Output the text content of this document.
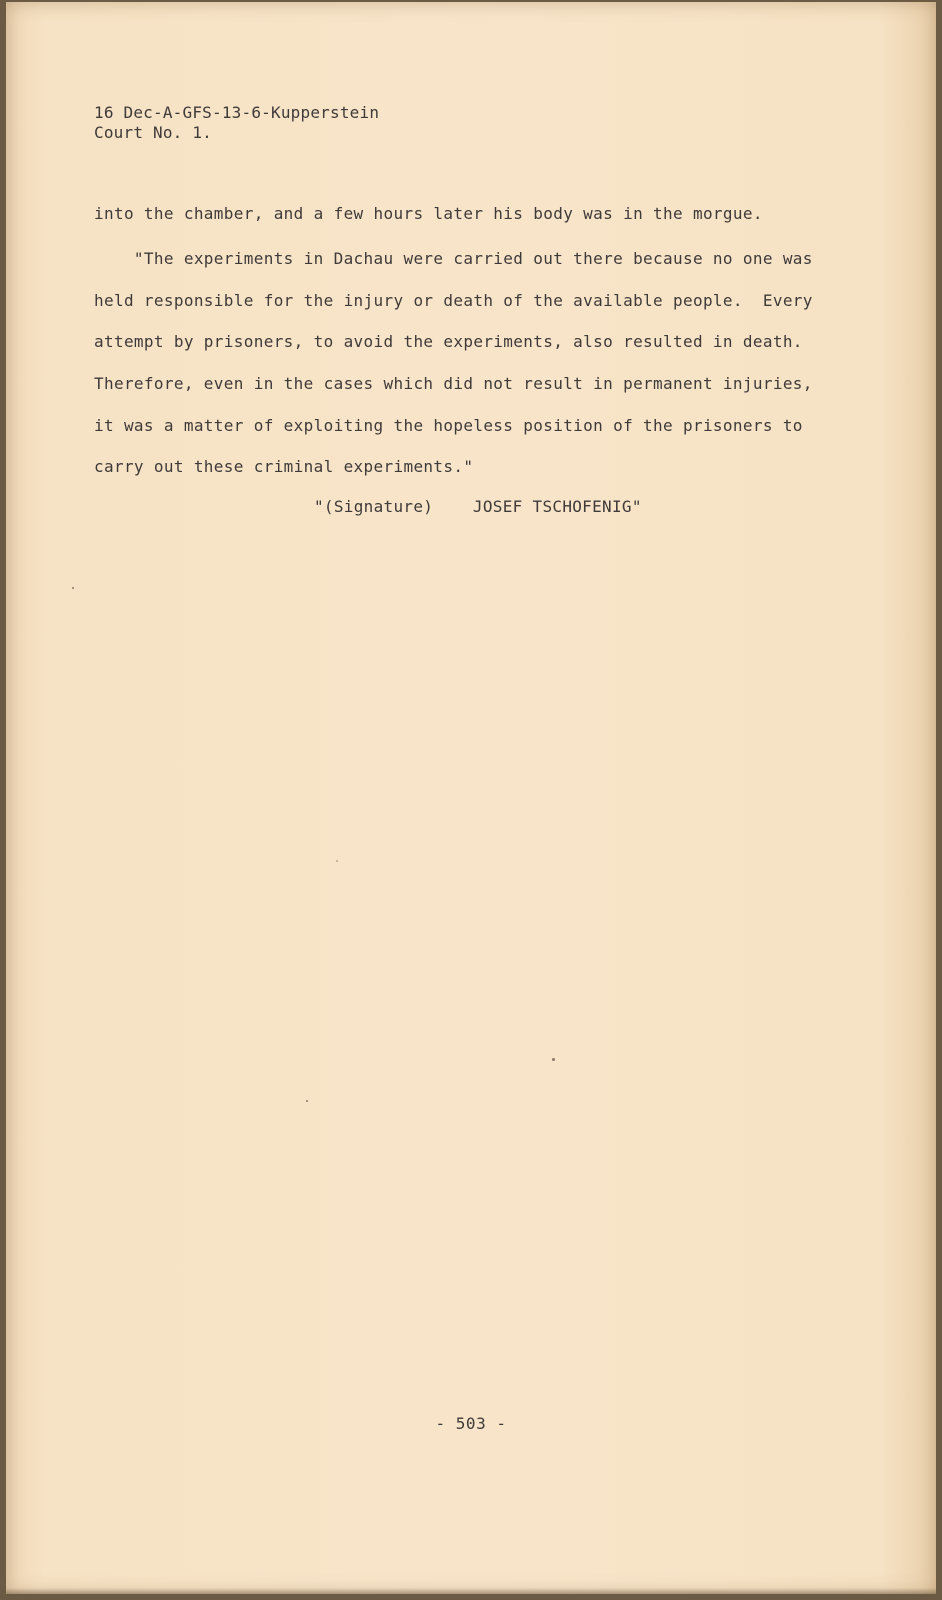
16 Dec-A-GFS-13-6-Kupperstein
Court No. 1.
into the chamber, and a few hours later his body was in the morgue.
"The experiments in Dachau were carried out there because no one was
held responsible for the injury or death of the available people.  Every
attempt by prisoners, to avoid the experiments, also resulted in death.
Therefore, even in the cases which did not result in permanent injuries,
it was a matter of exploiting the hopeless position of the prisoners to
carry out these criminal experiments."
"(Signature)    JOSEF TSCHOFENIG"
- 503 -
